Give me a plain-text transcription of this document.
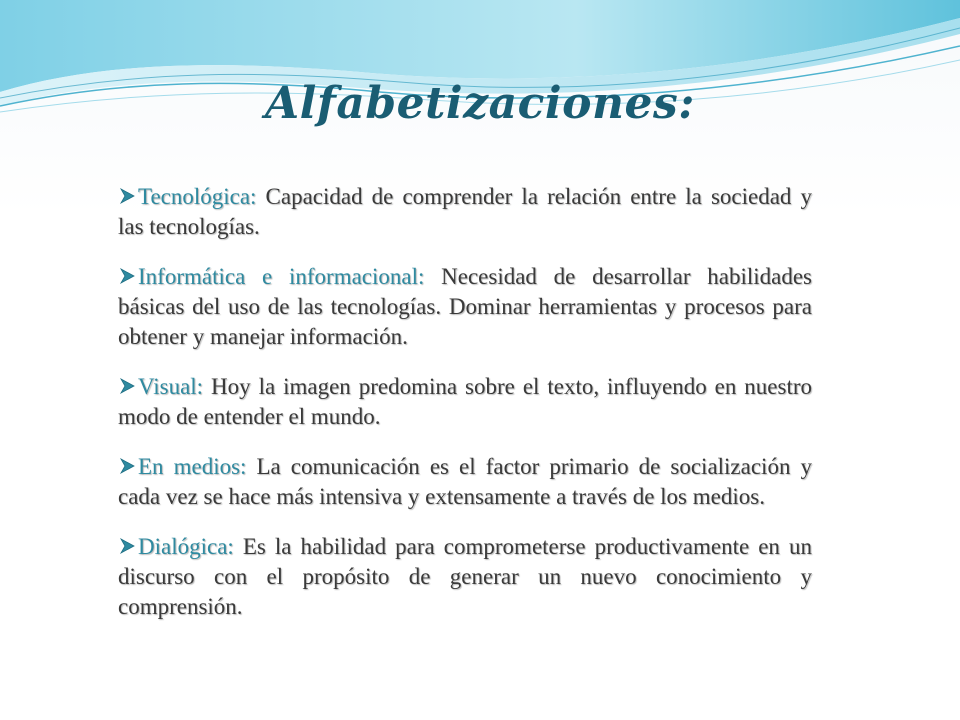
Alfabetizaciones:
Tecnológica: Capacidad de comprender la relación entre la sociedad y las tecnologías.
Informática e informacional: Necesidad de desarrollar habilidades básicas del uso de las tecnologías. Dominar herramientas y procesos para obtener y manejar información.
Visual: Hoy la imagen predomina sobre el texto, influyendo en nuestro modo de entender el mundo.
En medios: La comunicación es el factor primario de socialización y cada vez se hace más intensiva y extensamente a través de los medios.
Dialógica: Es la habilidad para comprometerse productivamente en un discurso con el propósito de generar un nuevo conocimiento y comprensión.
